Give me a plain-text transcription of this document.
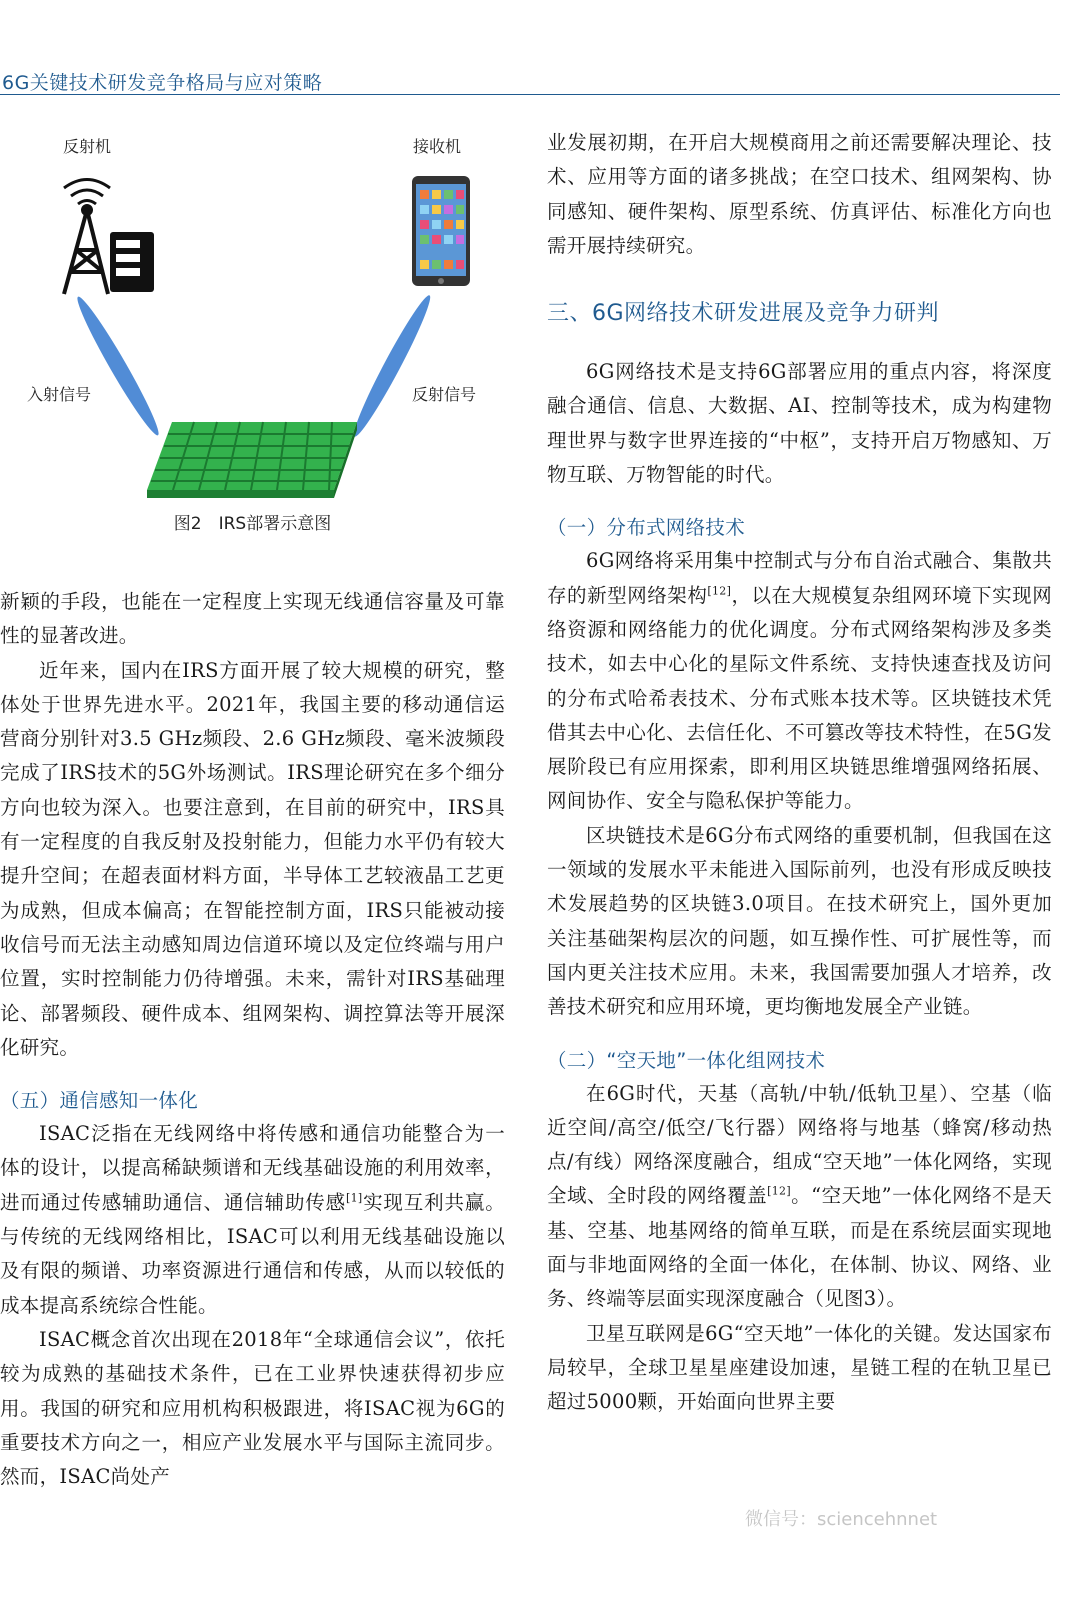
6G关键技术研发竞争格局与应对策略
反射机	接收机
入射信号	反射信号
图2　IRS部署示意图

新颖的手段，也能在一定程度上实现无线通信容量及可靠性的显著改进。

近年来，国内在IRS方面开展了较大规模的研究，整体处于世界先进水平。2021年，我国主要的移动通信运营商分别针对3.5 GHz频段、2.6 GHz频段、毫米波频段完成了IRS技术的5G外场测试。IRS理论研究在多个细分方向也较为深入。也要注意到，在目前的研究中，IRS具有一定程度的自我反射及投射能力，但能力水平仍有较大提升空间；在超表面材料方面，半导体工艺较液晶工艺更为成熟，但成本偏高；在智能控制方面，IRS只能被动接收信号而无法主动感知周边信道环境以及定位终端与用户位置，实时控制能力仍待增强。未来，需针对IRS基础理论、部署频段、硬件成本、组网架构、调控算法等开展深化研究。

（五）通信感知一体化

ISAC泛指在无线网络中将传感和通信功能整合为一体的设计，以提高稀缺频谱和无线基础设施的利用效率，进而通过传感辅助通信、通信辅助传感[1]实现互利共赢。与传统的无线网络相比，ISAC可以利用无线基础设施以及有限的频谱、功率资源进行通信和传感，从而以较低的成本提高系统综合性能。

ISAC概念首次出现在2018年“全球通信会议”，依托较为成熟的基础技术条件，已在工业界快速获得初步应用。我国的研究和应用机构积极跟进，将ISAC视为6G的重要技术方向之一，相应产业发展水平与国际主流同步。然而，ISAC尚处产

业发展初期，在开启大规模商用之前还需要解决理论、技术、应用等方面的诸多挑战；在空口技术、组网架构、协同感知、硬件架构、原型系统、仿真评估、标准化方向也需开展持续研究。

三、6G网络技术研发进展及竞争力研判

6G网络技术是支持6G部署应用的重点内容，将深度融合通信、信息、大数据、AI、控制等技术，成为构建物理世界与数字世界连接的“中枢”，支持开启万物感知、万物互联、万物智能的时代。

（一）分布式网络技术

6G网络将采用集中控制式与分布自治式融合、集散共存的新型网络架构[12]，以在大规模复杂组网环境下实现网络资源和网络能力的优化调度。分布式网络架构涉及多类技术，如去中心化的星际文件系统、支持快速查找及访问的分布式哈希表技术、分布式账本技术等。区块链技术凭借其去中心化、去信任化、不可篡改等技术特性，在5G发展阶段已有应用探索，即利用区块链思维增强网络拓展、网间协作、安全与隐私保护等能力。

区块链技术是6G分布式网络的重要机制，但我国在这一领域的发展水平未能进入国际前列，也没有形成反映技术发展趋势的区块链3.0项目。在技术研究上，国外更加关注基础架构层次的问题，如互操作性、可扩展性等，而国内更关注技术应用。未来，我国需要加强人才培养，改善技术研究和应用环境，更均衡地发展全产业链。

（二）“空天地”一体化组网技术

在6G时代，天基（高轨/中轨/低轨卫星）、空基（临近空间/高空/低空/飞行器）网络将与地基（蜂窝/移动热点/有线）网络深度融合，组成“空天地”一体化网络，实现全域、全时段的网络覆盖[12]。“空天地”一体化网络不是天基、空基、地基网络的简单互联，而是在系统层面实现地面与非地面网络的全面一体化，在体制、协议、网络、业务、终端等层面实现深度融合（见图3）。

卫星互联网是6G“空天地”一体化的关键。发达国家布局较早，全球卫星星座建设加速，星链工程的在轨卫星已超过5000颗，开始面向世界主要

微信号：sciencehnnet
